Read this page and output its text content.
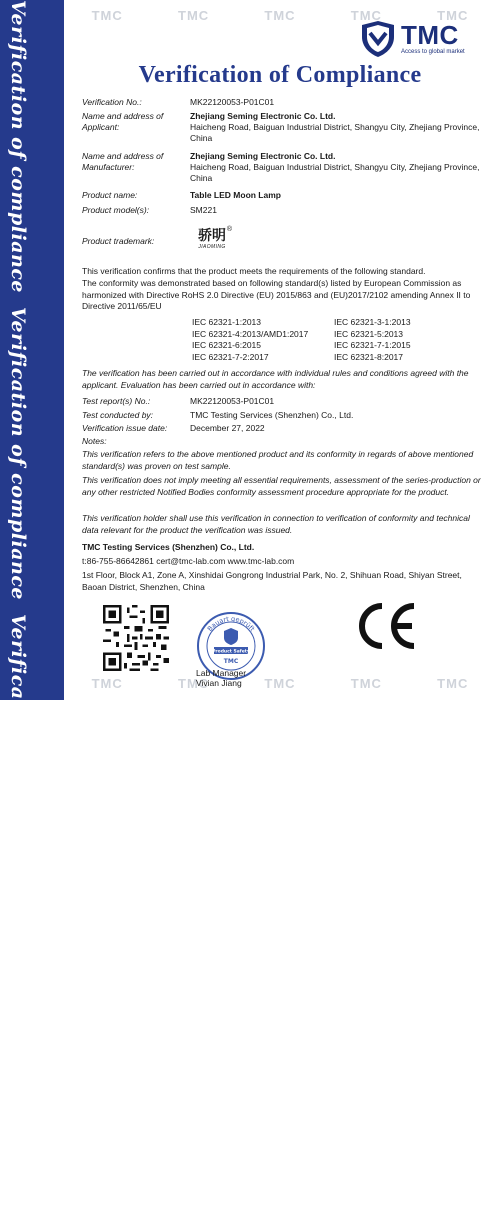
Verification of compliance
Verification of compliance
Verification of compliance
Verification of compliance
TMC	TMC	TMC	TMC	TMC
TMC	TMC	TMC	TMC	TMC
TMC
Access to global market
Verification of Compliance
Verification No.:	MK22120053-P01C01
Name and address of Applicant:
Zhejiang Seming Electronic Co. Ltd.
Haicheng Road, Baiguan Industrial District, Shangyu City, Zhejiang Province, China
Name and address of Manufacturer:
Zhejiang Seming Electronic Co. Ltd.
Haicheng Road, Baiguan Industrial District, Shangyu City, Zhejiang Province, China
Product name:	Table LED Moon Lamp
Product model(s):	SM221
Product trademark:	骄明
JIAOMING
®
This verification confirms that the product meets the requirements of the following standard.
The conformity was demonstrated based on following standard(s) listed by European Commission as harmonized with Directive RoHS 2.0 Directive (EU) 2015/863 and (EU)2017/2102 amending Annex II to Directive 2011/65/EU
IEC 62321-1:2013	IEC 62321-3-1:2013
IEC 62321-4:2013/AMD1:2017	IEC 62321-5:2013
IEC 62321-6:2015	IEC 62321-7-1:2015
IEC 62321-7-2:2017	IEC 62321-8:2017
The verification has been carried out in accordance with individual rules and conditions agreed with the applicant. Evaluation has been carried out in accordance with:
Test report(s) No.:	MK22120053-P01C01
Test conducted by:	TMC Testing Services (Shenzhen) Co., Ltd.
Verification issue date:	December 27, 2022
Notes:
This verification refers to the above mentioned product and its conformity in regards of above mentioned standard(s) was proven on test sample.
This verification does not imply meeting all essential requirements, assessment of the series-production or any other restricted Notified Bodies conformity assessment procedure appropriate for the product.
This verification holder shall use this verification in connection to verification of conformity and technical data relevant for the product the verification was issued.
TMC Testing Services (Shenzhen) Co., Ltd.
t:86-755-86642861 cert@tmc-lab.com www.tmc-lab.com
1st Floor, Block A1, Zone A, Xinshidai Gongrong Industrial Park, No. 2, Shihuan Road, Shiyan Street, Baoan District, Shenzhen, China
Bauart geprüft
Product Safety
TMC
Lab Manager
Vivian Jiang
